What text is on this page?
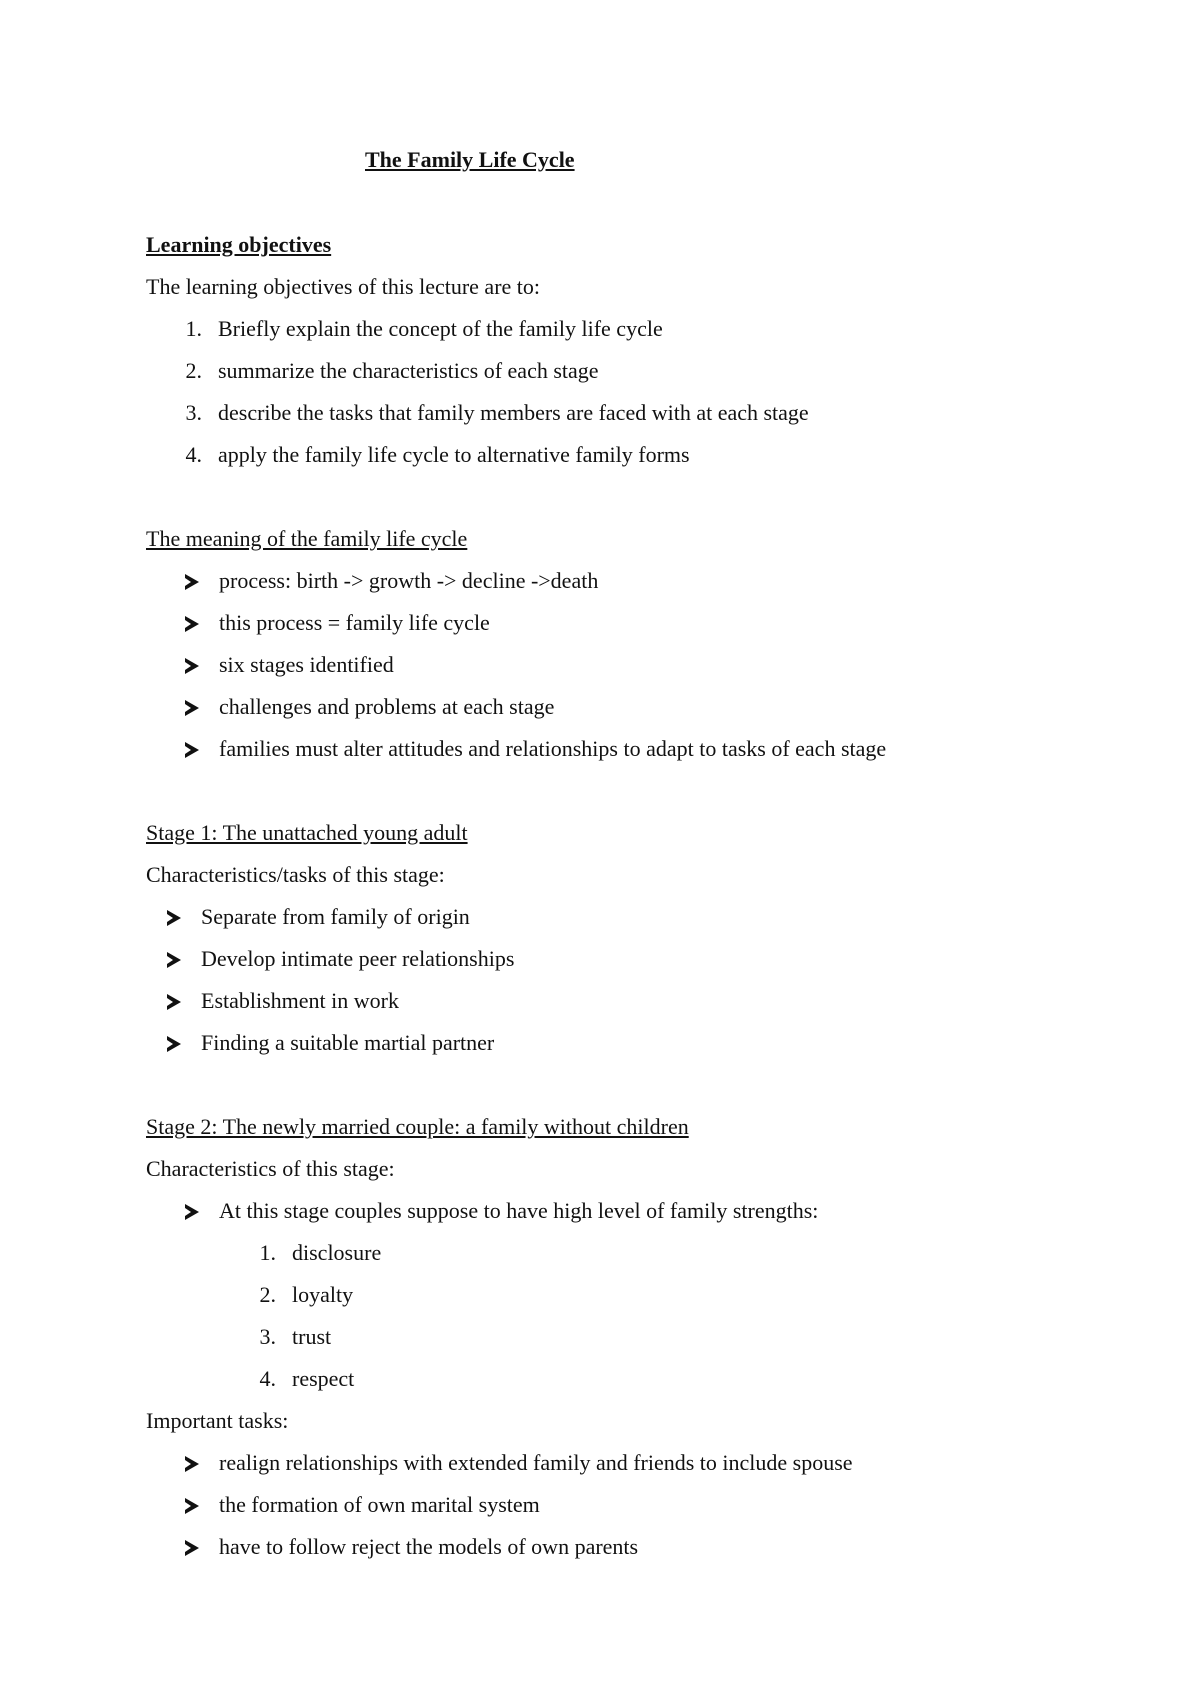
The Family Life Cycle
Learning objectives
The learning objectives of this lecture are to:
1. Briefly explain the concept of the family life cycle
2. summarize the characteristics of each stage
3. describe the tasks that family members are faced with at each stage
4. apply the family life cycle to alternative family forms
The meaning of the family life cycle
process: birth -> growth -> decline ->death
this process = family life cycle
six stages identified
challenges and problems at each stage
families must alter attitudes and relationships to adapt to tasks of each stage
Stage 1: The unattached young adult
Characteristics/tasks of this stage:
Separate from family of origin
Develop intimate peer relationships
Establishment in work
Finding a suitable martial partner
Stage 2: The newly married couple: a family without children
Characteristics of this stage:
At this stage couples suppose to have high level of family strengths:
1. disclosure
2. loyalty
3. trust
4. respect
Important tasks:
realign relationships with extended family and friends to include spouse
the formation of own marital system
have to follow reject the models of own parents
